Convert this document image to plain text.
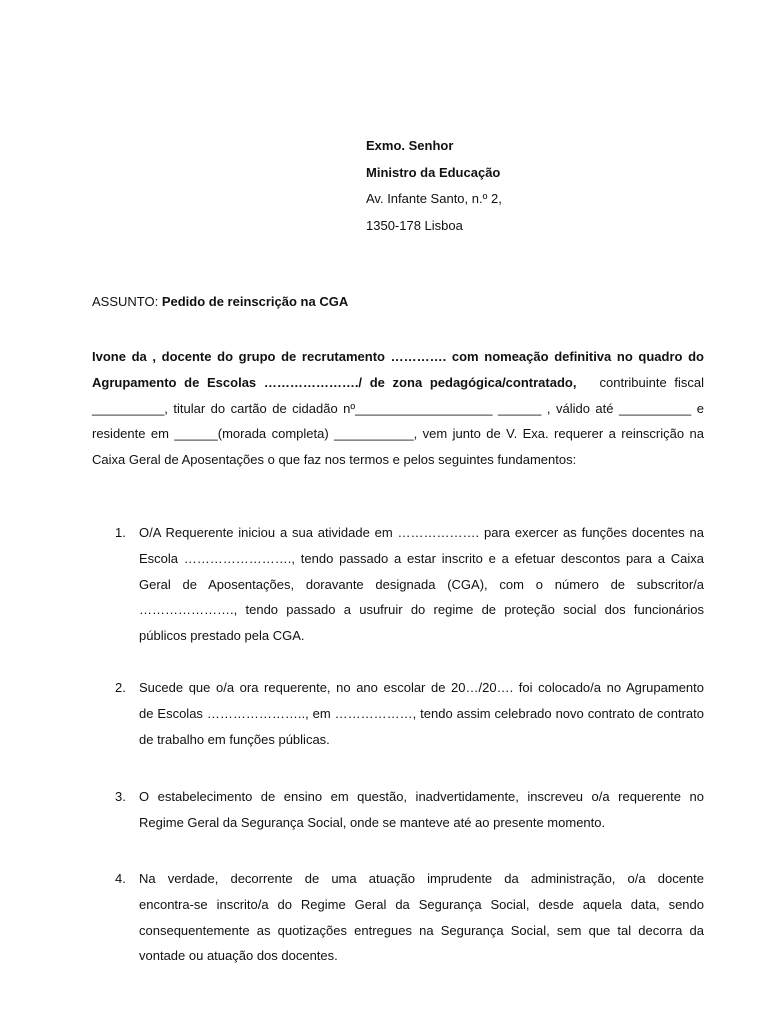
Exmo. Senhor
Ministro da Educação
Av. Infante Santo, n.º 2,
1350-178 Lisboa
ASSUNTO: Pedido de reinscrição na CGA
Ivone da , docente do grupo de recrutamento …………. com nomeação definitiva no quadro do
Agrupamento de Escolas …………………./ de zona pedagógica/contratado, contribuinte fiscal
__________, titular do cartão de cidadão nº___________________ ______ , válido até __________ e
residente em ______(morada completa) ___________, vem junto de V. Exa. requerer a reinscrição na
Caixa Geral de Aposentações o que faz nos termos e pelos seguintes fundamentos:
1.	O/A Requerente iniciou a sua atividade em ………………. para exercer as funções docentes na
Escola ……………………., tendo passado a estar inscrito e a efetuar descontos para a Caixa
Geral de Aposentações, doravante designada (CGA), com o número de subscritor/a
…………………., tendo passado a usufruir do regime de proteção social dos funcionários
públicos prestado pela CGA.
2.	Sucede que o/a ora requerente, no ano escolar de 20…/20…. foi colocado/a no Agrupamento
de Escolas ………………….., em ………………, tendo assim celebrado novo contrato de contrato
de trabalho em funções públicas.
3.	O estabelecimento de ensino em questão, inadvertidamente, inscreveu o/a requerente no
Regime Geral da Segurança Social, onde se manteve até ao presente momento.
4.	Na verdade, decorrente de uma atuação imprudente da administração, o/a docente
encontra-se inscrito/a do Regime Geral da Segurança Social, desde aquela data, sendo
consequentemente as quotizações entregues na Segurança Social, sem que tal decorra da
vontade ou atuação dos docentes.
